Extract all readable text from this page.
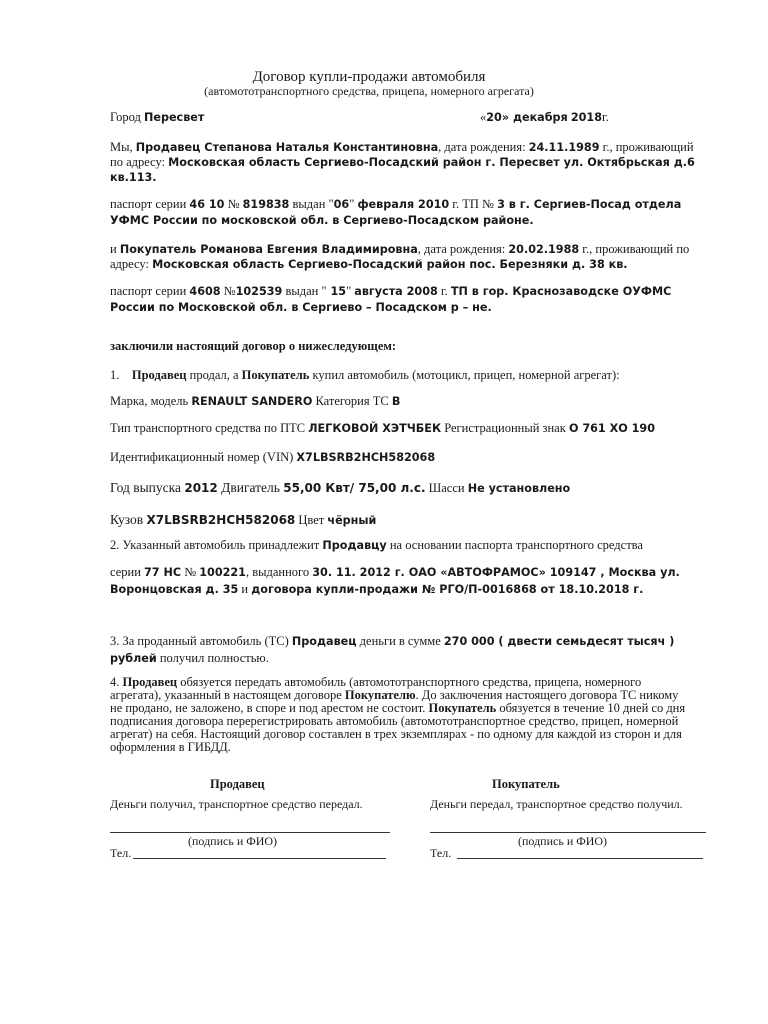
Договор купли-продажи автомобиля
(автомототранспортного средства, прицепа, номерного агрегата)
Город Пересвет	«20» декабря 2018г.
Мы, Продавец Степанова Наталья Константиновна, дата рождения: 24.11.1989 г., проживающий
по адресу: Московская область Сергиево-Посадский район г. Пересвет ул. Октябрьская д.6
кв.113.
паспорт серии 46 10 № 819838 выдан "06" февраля 2010 г. ТП № 3 в г. Сергиев-Посад отдела
УФМС России по московской обл. в Сергиево-Посадском районе.
и Покупатель Романова Евгения Владимировна, дата рождения: 20.02.1988 г., проживающий по
адресу: Московская область Сергиево-Посадский район пос. Березняки д. 38 кв.
паспорт серии 4608 №102539 выдан " 15" августа 2008 г. ТП в гор. Краснозаводске ОУФМС
России по Московской обл. в Сергиево – Посадском р – не.
заключили настоящий договор о нижеследующем:
1. Продавец продал, а Покупатель купил автомобиль (мотоцикл, прицеп, номерной агрегат):
Марка, модель RENAULT SANDERO Категория ТС B
Тип транспортного средства по ПТС ЛЕГКОВОЙ ХЭТЧБЕК Регистрационный знак О 761 ХО 190
Идентификационный номер (VIN) X7LBSRB2HCH582068
Год выпуска 2012 Двигатель 55,00 Квт/ 75,00 л.с. Шасси Не установлено
Кузов X7LBSRB2HCH582068 Цвет чёрный
2. Указанный автомобиль принадлежит Продавцу на основании паспорта транспортного средства
серии 77 НС № 100221, выданного 30. 11. 2012 г. ОАО «АВТОФРАМОС» 109147 , Москва ул.
Воронцовская д. 35 и договора купли-продажи № РГО/П-0016868 от 18.10.2018 г.
3. За проданный автомобиль (ТС) Продавец деньги в сумме 270 000 ( двести семьдесят тысяч )
рублей получил полностью.
4. Продавец обязуется передать автомобиль (автомототранспортного средства, прицепа, номерного
агрегата), указанный в настоящем договоре Покупателю. До заключения настоящего договора ТС никому
не продано, не заложено, в споре и под арестом не состоит. Покупатель обязуется в течение 10 дней со дня
подписания договора перерегистрировать автомобиль (автомототранспортное средство, прицеп, номерной
агрегат) на себя. Настоящий договор составлен в трех экземплярах - по одному для каждой из сторон и для
оформления в ГИБДД.
Продавец	Покупатель
Деньги получил, транспортное средство передал.	Деньги передал, транспортное средство получил.
(подпись и ФИО)	(подпись и ФИО)
Тел.	Тел.
